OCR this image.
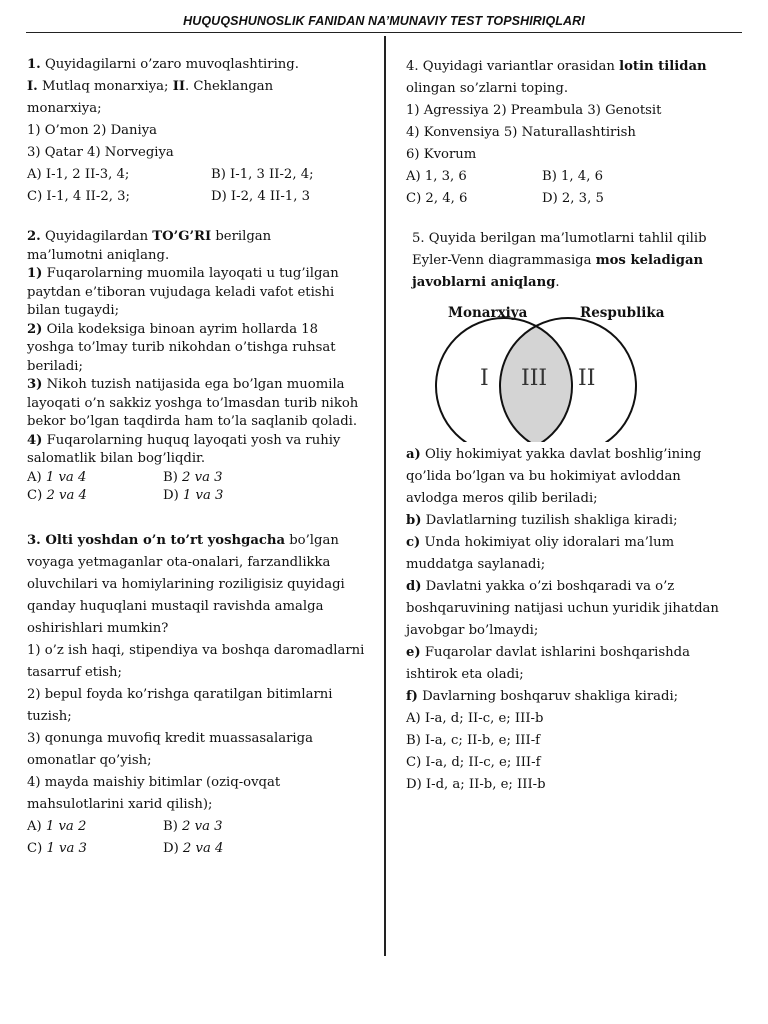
HUQUQSHUNOSLIK FANIDAN NA’MUNAVIY TEST TOPSHIRIQLARI
1. Quyidagilarni o’zaro muvoqlashtiring.
I. Mutlaq monarxiya; II. Cheklangan
monarxiya;
1) O’mon 2) Daniya
3) Qatar 4) Norvegiya
A) I-1, 2 II-3, 4;	B) I-1, 3 II-2, 4;
C) I-1, 4 II-2, 3;	D) I-2, 4 II-1, 3
2. Quyidagilardan TO’G’RI berilgan
ma’lumotni aniqlang.
1) Fuqarolarning muomila layoqati u tug’ilgan paytdan e’tiboran vujudaga keladi vafot etishi bilan tugaydi;
2) Oila kodeksiga binoan ayrim hollarda 18 yoshga to’lmay turib nikohdan o’tishga ruhsat beriladi;
3) Nikoh tuzish natijasida ega bo’lgan muomila layoqati o’n sakkiz yoshga to’lmasdan turib nikoh bekor bo’lgan taqdirda ham to’la saqlanib qoladi.
4) Fuqarolarning huquq layoqati yosh va ruhiy salomatlik bilan bog’liqdir.
A) 1 va 4	B) 2 va 3
C) 2 va 4	D) 1 va 3
3. Olti yoshdan o’n to’rt yoshgacha bo’lgan voyaga yetmaganlar ota-onalari, farzandlikka oluvchilari va homiylarining roziligisiz quyidagi qanday huquqlani mustaqil ravishda amalga oshirishlari mumkin?
1) o’z ish haqi, stipendiya va boshqa daromadlarni tasarruf etish;
2) bepul foyda ko’rishga qaratilgan bitimlarni tuzish;
3) qonunga muvofiq kredit muassasalariga omonatlar qo’yish;
4) mayda maishiy bitimlar (oziq-ovqat mahsulotlarini xarid qilish);
A) 1 va 2	B) 2 va 3
C) 1 va 3	D) 2 va 4
4. Quyidagi variantlar orasidan lotin tilidan
olingan so’zlarni toping.
1) Agressiya 2) Preambula 3) Genotsit
4) Konvensiya 5) Naturallashtirish
6) Kvorum
A) 1, 3, 6	B) 1, 4, 6
C) 2, 4, 6	D) 2, 3, 5
5. Quyida berilgan ma’lumotlarni tahlil qilib
Eyler-Venn diagrammasiga mos keladigan
javoblarni aniqlang.
Monarxiya	Respublika
I III II
a) Oliy hokimiyat yakka davlat boshlig’ining qo’lida bo’lgan va bu hokimiyat avloddan avlodga meros qilib beriladi;
b) Davlatlarning tuzilish shakliga kiradi;
c) Unda hokimiyat oliy idoralari ma’lum muddatga saylanadi;
d) Davlatni yakka o’zi boshqaradi va o’z boshqaruvining natijasi uchun yuridik jihatdan javobgar bo’lmaydi;
e) Fuqarolar davlat ishlarini boshqarishda ishtirok eta oladi;
f) Davlarning boshqaruv shakliga kiradi;
A) I-a, d; II-c, e; III-b
B) I-a, c; II-b, e; III-f
C) I-a, d; II-c, e; III-f
D) I-d, a; II-b, e; III-b
